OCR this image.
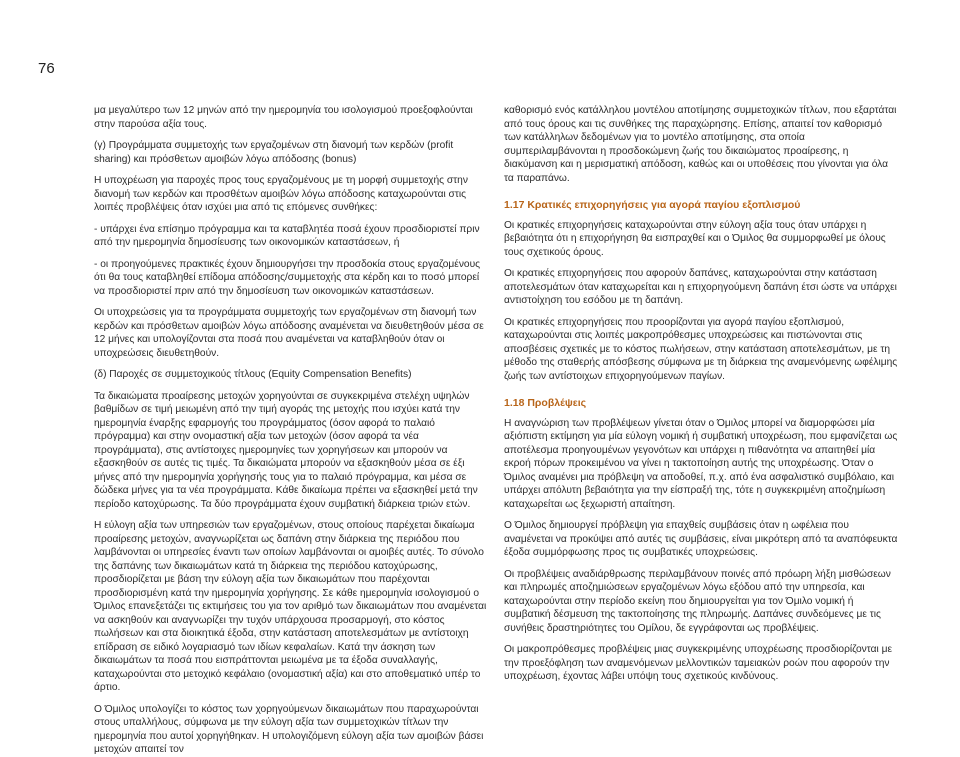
76

μα μεγαλύτερο των 12 μηνών από την ημερομηνία του ισολογισμού προεξοφλούνται στην παρούσα αξία τους.

(γ) Προγράμματα συμμετοχής των εργαζομένων στη διανομή των κερδών (profit sharing) και πρόσθετων αμοιβών λόγω απόδοσης (bonus)

Η υποχρέωση για παροχές προς τους εργαζομένους με τη μορφή συμμετοχής στην διανομή των κερδών και προσθέτων αμοιβών λόγω απόδοσης καταχωρούνται στις λοιπές προβλέψεις όταν ισχύει μια από τις επόμενες συνθήκες:

- υπάρχει ένα επίσημο πρόγραμμα και τα καταβλητέα ποσά έχουν προσδιοριστεί πριν από την ημερομηνία δημοσίευσης των οικονομικών καταστάσεων, ή

- οι προηγούμενες πρακτικές έχουν δημιουργήσει την προσδοκία στους εργαζομένους ότι θα τους καταβληθεί επίδομα απόδοσης/συμμετοχής στα κέρδη και το ποσό μπορεί να προσδιοριστεί πριν από την δημοσίευση των οικονομικών καταστάσεων.

Οι υποχρεώσεις για τα προγράμματα συμμετοχής των εργαζομένων στη διανομή των κερδών και πρόσθετων αμοιβών λόγω απόδοσης αναμένεται να διευθετηθούν μέσα σε 12 μήνες και υπολογίζονται στα ποσά που αναμένεται να καταβληθούν όταν οι υποχρεώσεις διευθετηθούν.

(δ) Παροχές σε συμμετοχικούς τίτλους (Equity Compensation Benefits)

Τα δικαιώματα προαίρεσης μετοχών χορηγούνται σε συγκεκριμένα στελέχη υψηλών βαθμίδων σε τιμή μειωμένη από την τιμή αγοράς της μετοχής που ισχύει κατά την ημερομηνία έναρξης εφαρμογής του προγράμματος (όσον αφορά το παλαιό πρόγραμμα) και στην ονομαστική αξία των μετοχών (όσον αφορά τα νέα προγράμματα), στις αντίστοιχες ημερομηνίες των χορηγήσεων και μπορούν να εξασκηθούν σε αυτές τις τιμές. Τα δικαιώματα μπορούν να εξασκηθούν μέσα σε έξι μήνες από την ημερομηνία χορήγησής τους για το παλαιό πρόγραμμα, και μέσα σε δώδεκα μήνες για τα νέα προγράμματα. Κάθε δικαίωμα πρέπει να εξασκηθεί μετά την περίοδο κατοχύρωσης. Τα δύο προγράμματα έχουν συμβατική διάρκεια τριών ετών.

Η εύλογη αξία των υπηρεσιών των εργαζομένων, στους οποίους παρέχεται δικαίωμα προαίρεσης μετοχών, αναγνωρίζεται ως δαπάνη στην διάρκεια της περιόδου που λαμβάνονται οι υπηρεσίες έναντι των οποίων λαμβάνονται οι αμοιβές αυτές. Το σύνολο της δαπάνης των δικαιωμάτων κατά τη διάρκεια της περιόδου κατοχύρωσης, προσδιορίζεται με βάση την εύλογη αξία των δικαιωμάτων που παρέχονται προσδιορισμένη κατά την ημερομηνία χορήγησης. Σε κάθε ημερομηνία ισολογισμού ο Όμιλος επανεξετάζει τις εκτιμήσεις του για τον αριθμό των δικαιωμάτων που αναμένεται να ασκηθούν και αναγνωρίζει την τυχόν υπάρχουσα προσαρμογή, στο κόστος πωλήσεων και στα διοικητικά έξοδα, στην κατάσταση αποτελεσμάτων με αντίστοιχη επίδραση σε ειδικό λογαριασμό των ιδίων κεφαλαίων. Κατά την άσκηση των δικαιωμάτων τα ποσά που εισπράττονται μειωμένα με τα έξοδα συναλλαγής, καταχωρούνται στο μετοχικό κεφάλαιο (ονομαστική αξία) και στο αποθεματικό υπέρ το άρτιο.

Ο Όμιλος υπολογίζει το κόστος των χορηγούμενων δικαιωμάτων που παραχωρούνται στους υπαλλήλους, σύμφωνα με την εύλογη αξία των συμμετοχικών τίτλων την ημερομηνία που αυτοί χορηγήθηκαν. Η υπολογιζόμενη εύλογη αξία των αμοιβών βάσει μετοχών απαιτεί τον

καθορισμό ενός κατάλληλου μοντέλου αποτίμησης συμμετοχικών τίτλων, που εξαρτάται από τους όρους και τις συνθήκες της παραχώρησης. Επίσης, απαιτεί τον καθορισμό των κατάλληλων δεδομένων για το μοντέλο αποτίμησης, στα οποία συμπεριλαμβάνονται η προσδοκώμενη ζωής του δικαιώματος προαίρεσης, η διακύμανση και η μερισματική απόδοση, καθώς και οι υποθέσεις που γίνονται για όλα τα παραπάνω.

1.17 Κρατικές επιχορηγήσεις για αγορά παγίου εξοπλισμού

Οι κρατικές επιχορηγήσεις καταχωρούνται στην εύλογη αξία τους όταν υπάρχει η βεβαιότητα ότι η επιχορήγηση θα εισπραχθεί και ο Όμιλος θα συμμορφωθεί με όλους τους σχετικούς όρους.

Οι κρατικές επιχορηγήσεις που αφορούν δαπάνες, καταχωρούνται στην κατάσταση αποτελεσμάτων όταν καταχωρείται και η επιχορηγούμενη δαπάνη έτσι ώστε να υπάρχει αντιστοίχηση του εσόδου με τη δαπάνη.

Οι κρατικές επιχορηγήσεις που προορίζονται για αγορά παγίου εξοπλισμού, καταχωρούνται στις λοιπές μακροπρόθεσμες υποχρεώσεις και πιστώνονται στις αποσβέσεις σχετικές με το κόστος πωλήσεων, στην κατάσταση αποτελεσμάτων, με τη μέθοδο της σταθερής απόσβεσης σύμφωνα με τη διάρκεια της αναμενόμενης ωφέλιμης ζωής των αντίστοιχων επιχορηγούμενων παγίων.

1.18 Προβλέψεις

Η αναγνώριση των προβλέψεων γίνεται όταν ο Όμιλος μπορεί να διαμορφώσει μία αξιόπιστη εκτίμηση για μία εύλογη νομική ή συμβατική υποχρέωση, που εμφανίζεται ως αποτέλεσμα προηγουμένων γεγονότων και υπάρχει η πιθανότητα να απαιτηθεί μία εκροή πόρων προκειμένου να γίνει η τακτοποίηση αυτής της υποχρέωσης. Όταν ο Όμιλος αναμένει μια πρόβλεψη να αποδοθεί, π.χ. από ένα ασφαλιστικό συμβόλαιο, και υπάρχει απόλυτη βεβαιότητα για την είσπραξή της, τότε η συγκεκριμένη αποζημίωση καταχωρείται ως ξεχωριστή απαίτηση.

Ο Όμιλος δημιουργεί πρόβλεψη για επαχθείς συμβάσεις όταν η ωφέλεια που αναμένεται να προκύψει από αυτές τις συμβάσεις, είναι μικρότερη από τα αναπόφευκτα έξοδα συμμόρφωσης προς τις συμβατικές υποχρεώσεις.

Οι προβλέψεις αναδιάρθρωσης περιλαμβάνουν ποινές από πρόωρη λήξη μισθώσεων και πληρωμές αποζημιώσεων εργαζομένων λόγω εξόδου από την υπηρεσία, και καταχωρούνται στην περίοδο εκείνη που δημιουργείται για τον Όμιλο νομική ή συμβατική δέσμευση της τακτοποίησης της πληρωμής. Δαπάνες συνδεόμενες με τις συνήθεις δραστηριότητες του Ομίλου, δε εγγράφονται ως προβλέψεις.

Οι μακροπρόθεσμες προβλέψεις μιας συγκεκριμένης υποχρέωσης προσδιορίζονται με την προεξόφληση των αναμενόμενων μελλοντικών ταμειακών ροών που αφορούν την υποχρέωση, έχοντας λάβει υπόψη τους σχετικούς κινδύνους.
